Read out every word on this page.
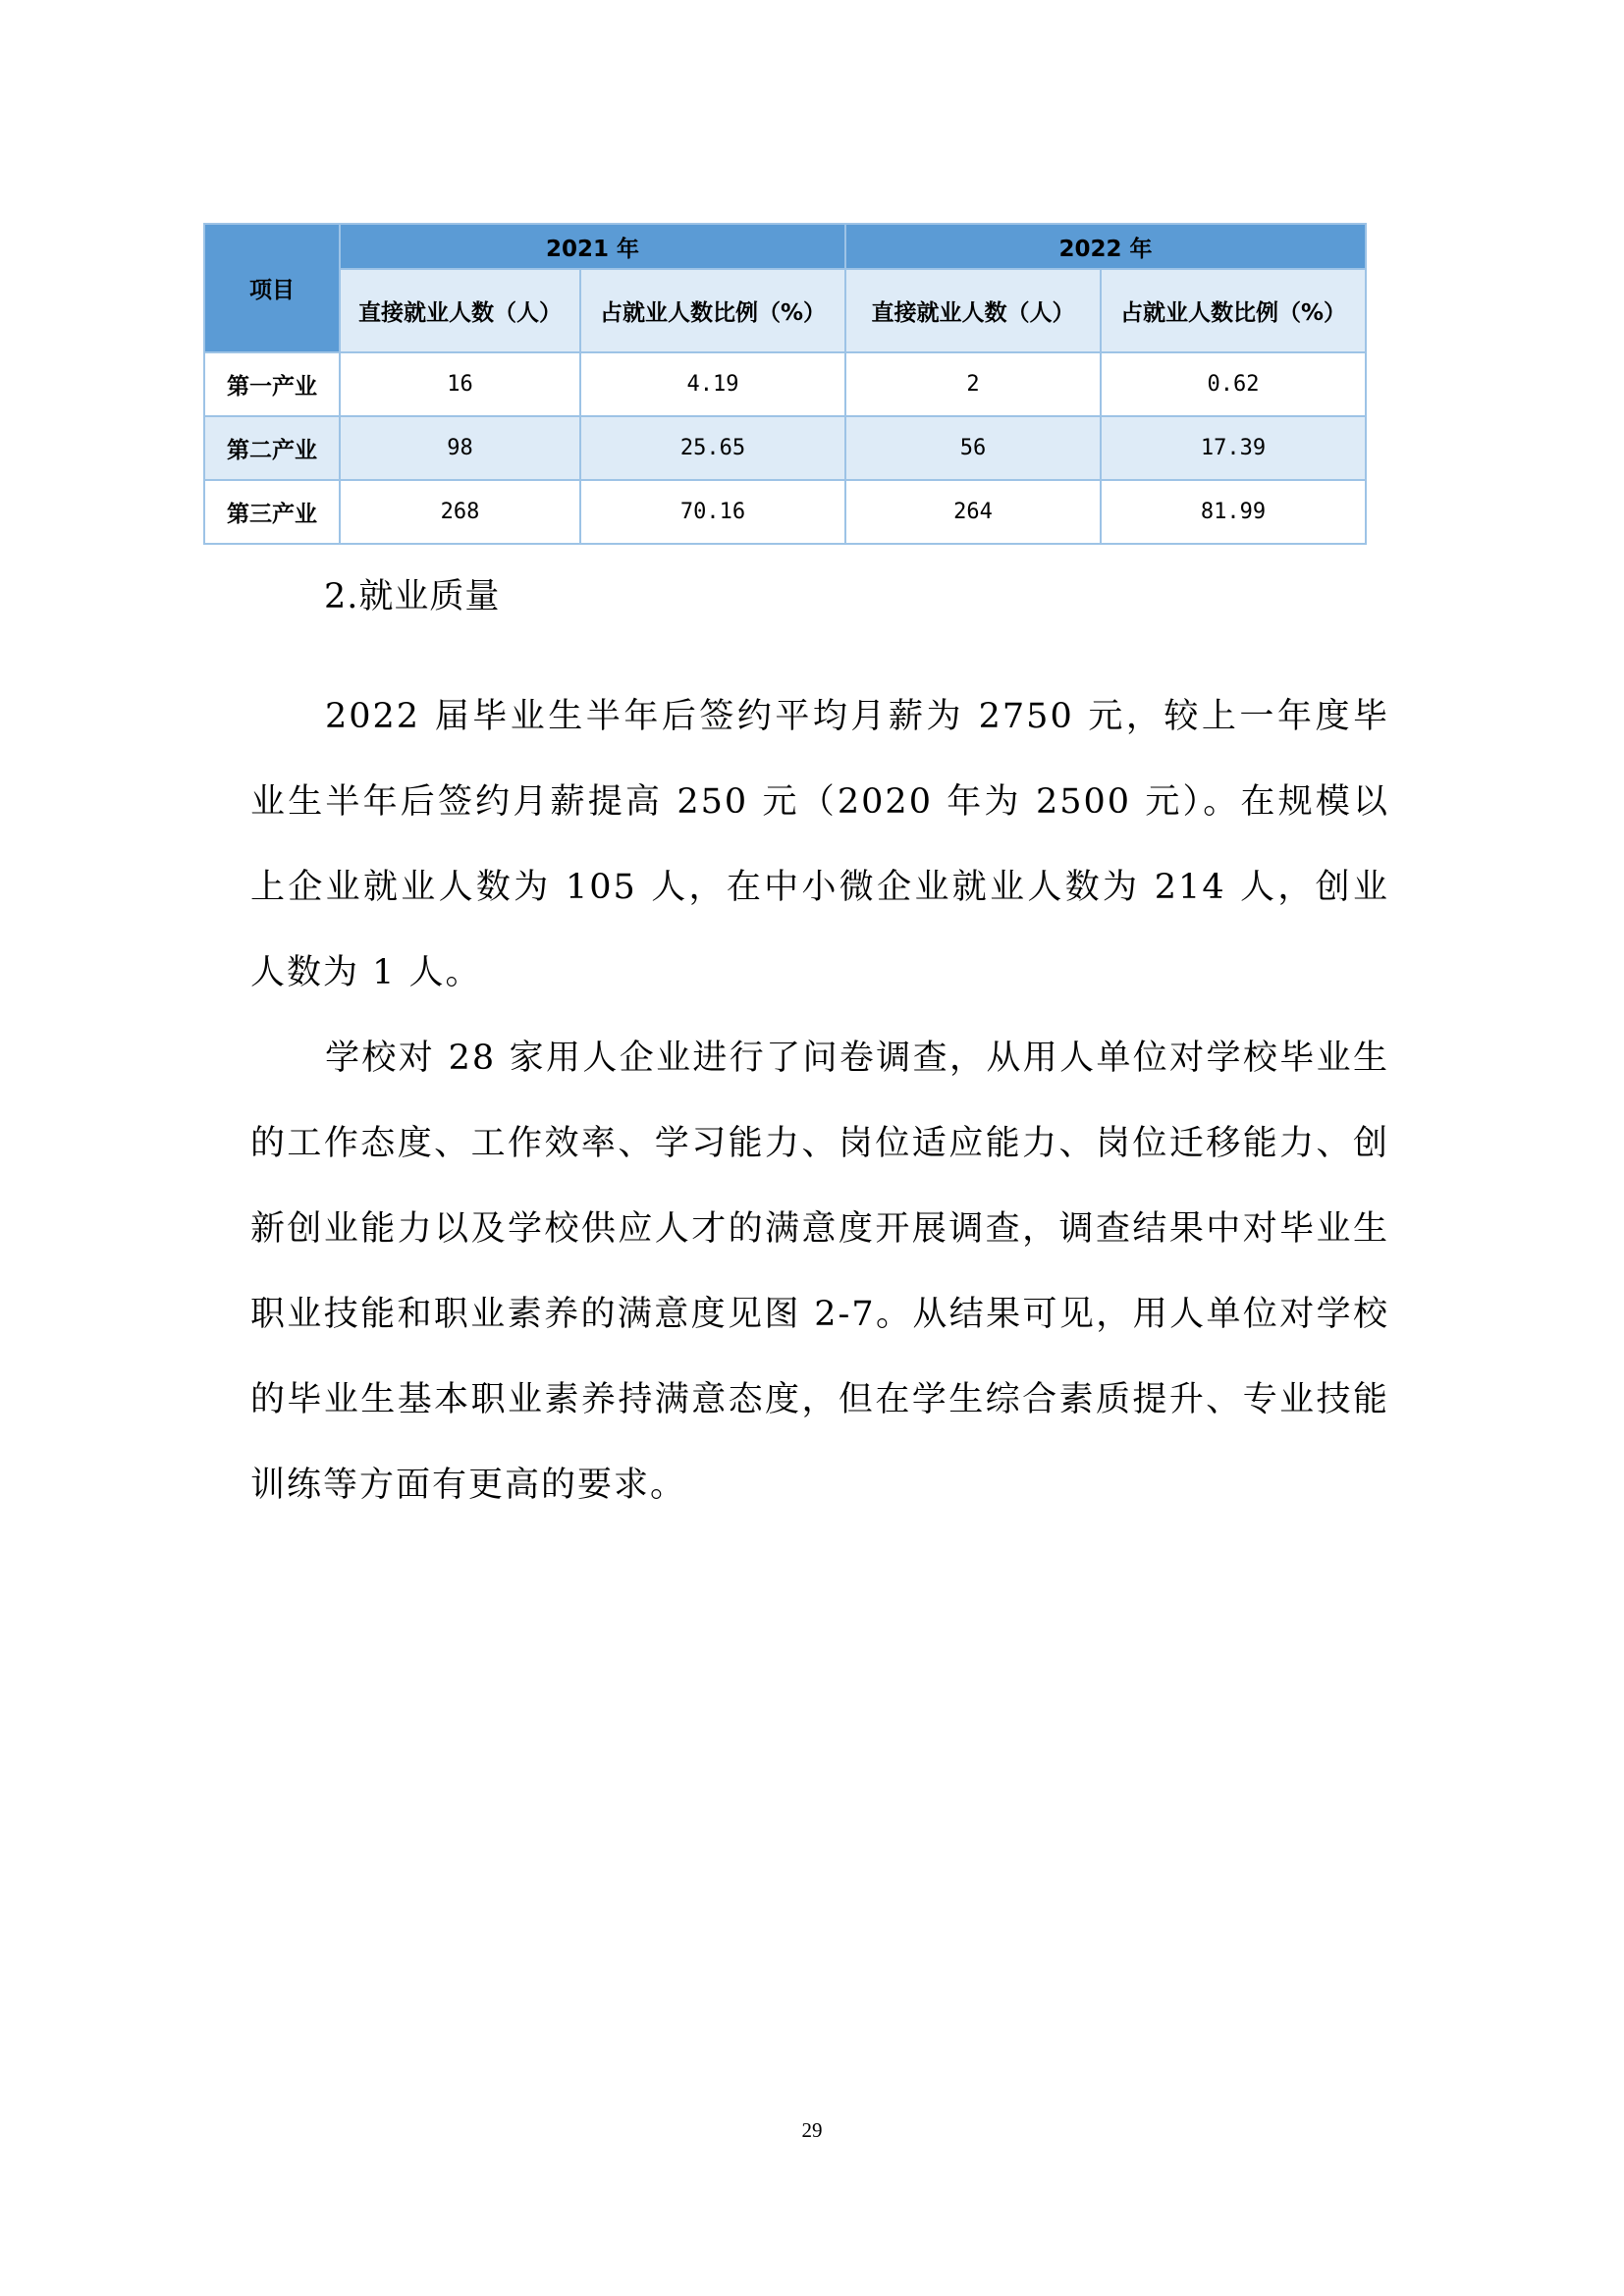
项目	2021 年		2022 年	
	直接就业人数（人）	占就业人数比例（%）	直接就业人数（人）	占就业人数比例（%）
第一产业	16	4.19	2	0.62
第二产业	98	25.65	56	17.39
第三产业	268	70.16	264	81.99
2.就业质量

2022 届毕业生半年后签约平均月薪为 2750 元，较上一年度毕业生半年后签约月薪提高 250 元（2020 年为 2500 元）。在规模以上企业就业人数为 105 人，在中小微企业就业人数为 214 人，创业人数为 1 人。

学校对 28 家用人企业进行了问卷调查，从用人单位对学校毕业生的工作态度、工作效率、学习能力、岗位适应能力、岗位迁移能力、创新创业能力以及学校供应人才的满意度开展调查，调查结果中对毕业生职业技能和职业素养的满意度见图 2-7。从结果可见，用人单位对学校的毕业生基本职业素养持满意态度，但在学生综合素质提升、专业技能训练等方面有更高的要求。

29
